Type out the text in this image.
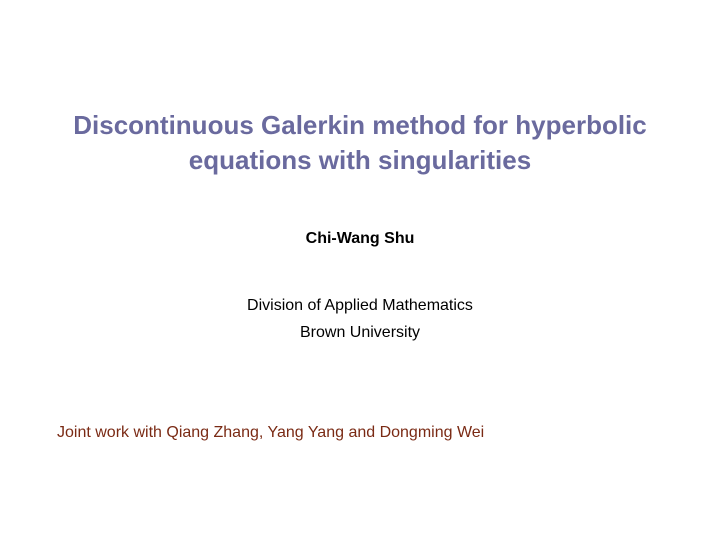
Discontinuous Galerkin method for hyperbolic
equations with singularities
Chi-Wang Shu
Division of Applied Mathematics
Brown University
Joint work with Qiang Zhang, Yang Yang and Dongming Wei
